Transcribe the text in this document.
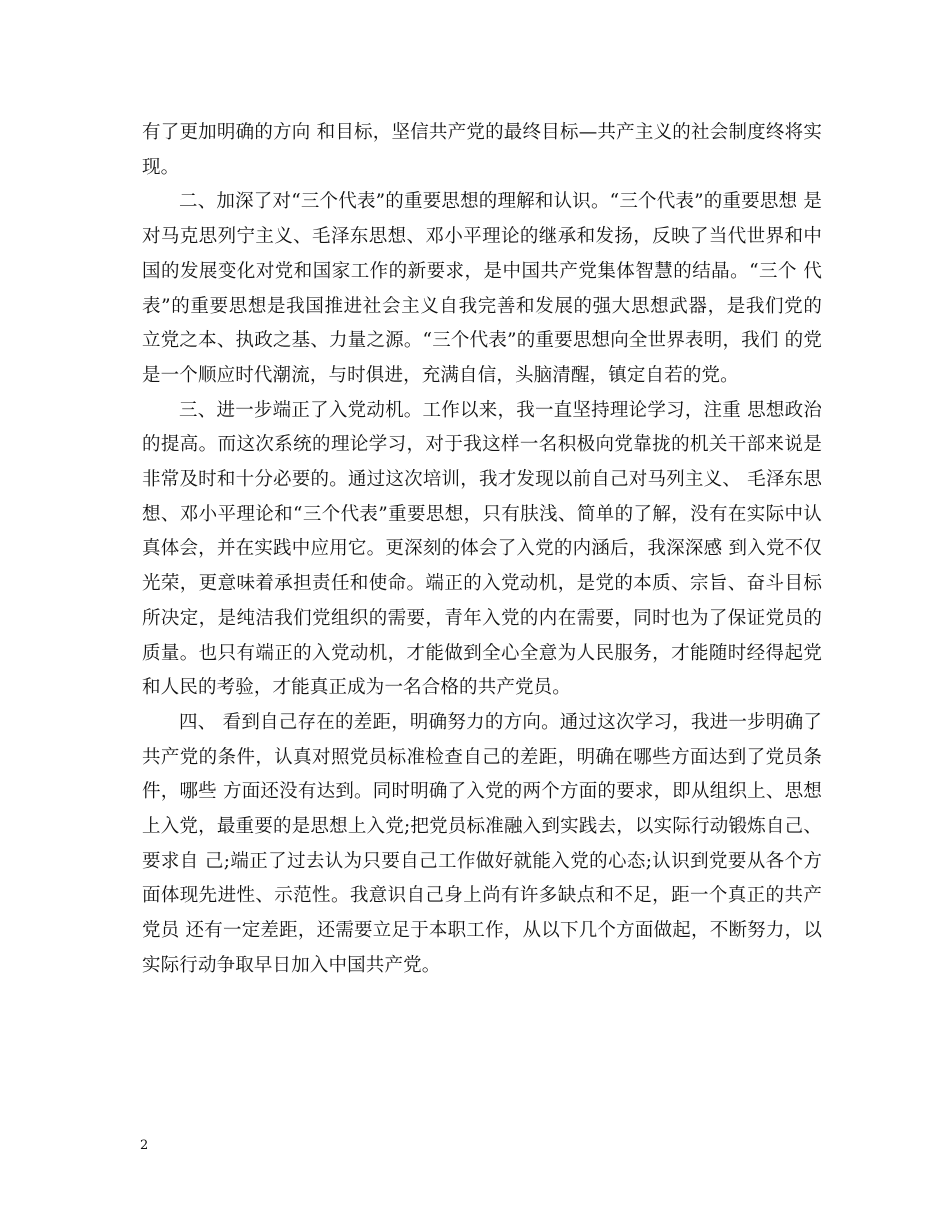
有了更加明确的方向 和目标，坚信共产党的最终目标—共产主义的社会制度终将实现。

二、加深了对“三个代表”的重要思想的理解和认识。“三个代表”的重要思想 是对马克思列宁主义、毛泽东思想、邓小平理论的继承和发扬，反映了当代世界和中国的发展变化对党和国家工作的新要求，是中国共产党集体智慧的结晶。“三个 代表”的重要思想是我国推进社会主义自我完善和发展的强大思想武器，是我们党的立党之本、执政之基、力量之源。“三个代表”的重要思想向全世界表明，我们 的党是一个顺应时代潮流，与时俱进，充满自信，头脑清醒，镇定自若的党。

三、进一步端正了入党动机。工作以来，我一直坚持理论学习，注重 思想政治的提高。而这次系统的理论学习，对于我这样一名积极向党靠拢的机关干部来说是非常及时和十分必要的。通过这次培训，我才发现以前自己对马列主义、 毛泽东思想、邓小平理论和“三个代表”重要思想，只有肤浅、简单的了解，没有在实际中认真体会，并在实践中应用它。更深刻的体会了入党的内涵后，我深深感 到入党不仅光荣，更意味着承担责任和使命。端正的入党动机，是党的本质、宗旨、奋斗目标所决定，是纯洁我们党组织的需要，青年入党的内在需要，同时也为了保证党员的质量。也只有端正的入党动机，才能做到全心全意为人民服务，才能随时经得起党和人民的考验，才能真正成为一名合格的共产党员。

四、 看到自己存在的差距，明确努力的方向。通过这次学习，我进一步明确了共产党的条件，认真对照党员标准检查自己的差距，明确在哪些方面达到了党员条件，哪些 方面还没有达到。同时明确了入党的两个方面的要求，即从组织上、思想上入党，最重要的是思想上入党;把党员标准融入到实践去，以实际行动锻炼自己、要求自 己;端正了过去认为只要自己工作做好就能入党的心态;认识到党要从各个方面体现先进性、示范性。我意识自己身上尚有许多缺点和不足，距一个真正的共产党员 还有一定差距，还需要立足于本职工作，从以下几个方面做起，不断努力，以实际行动争取早日加入中国共产党。

2
